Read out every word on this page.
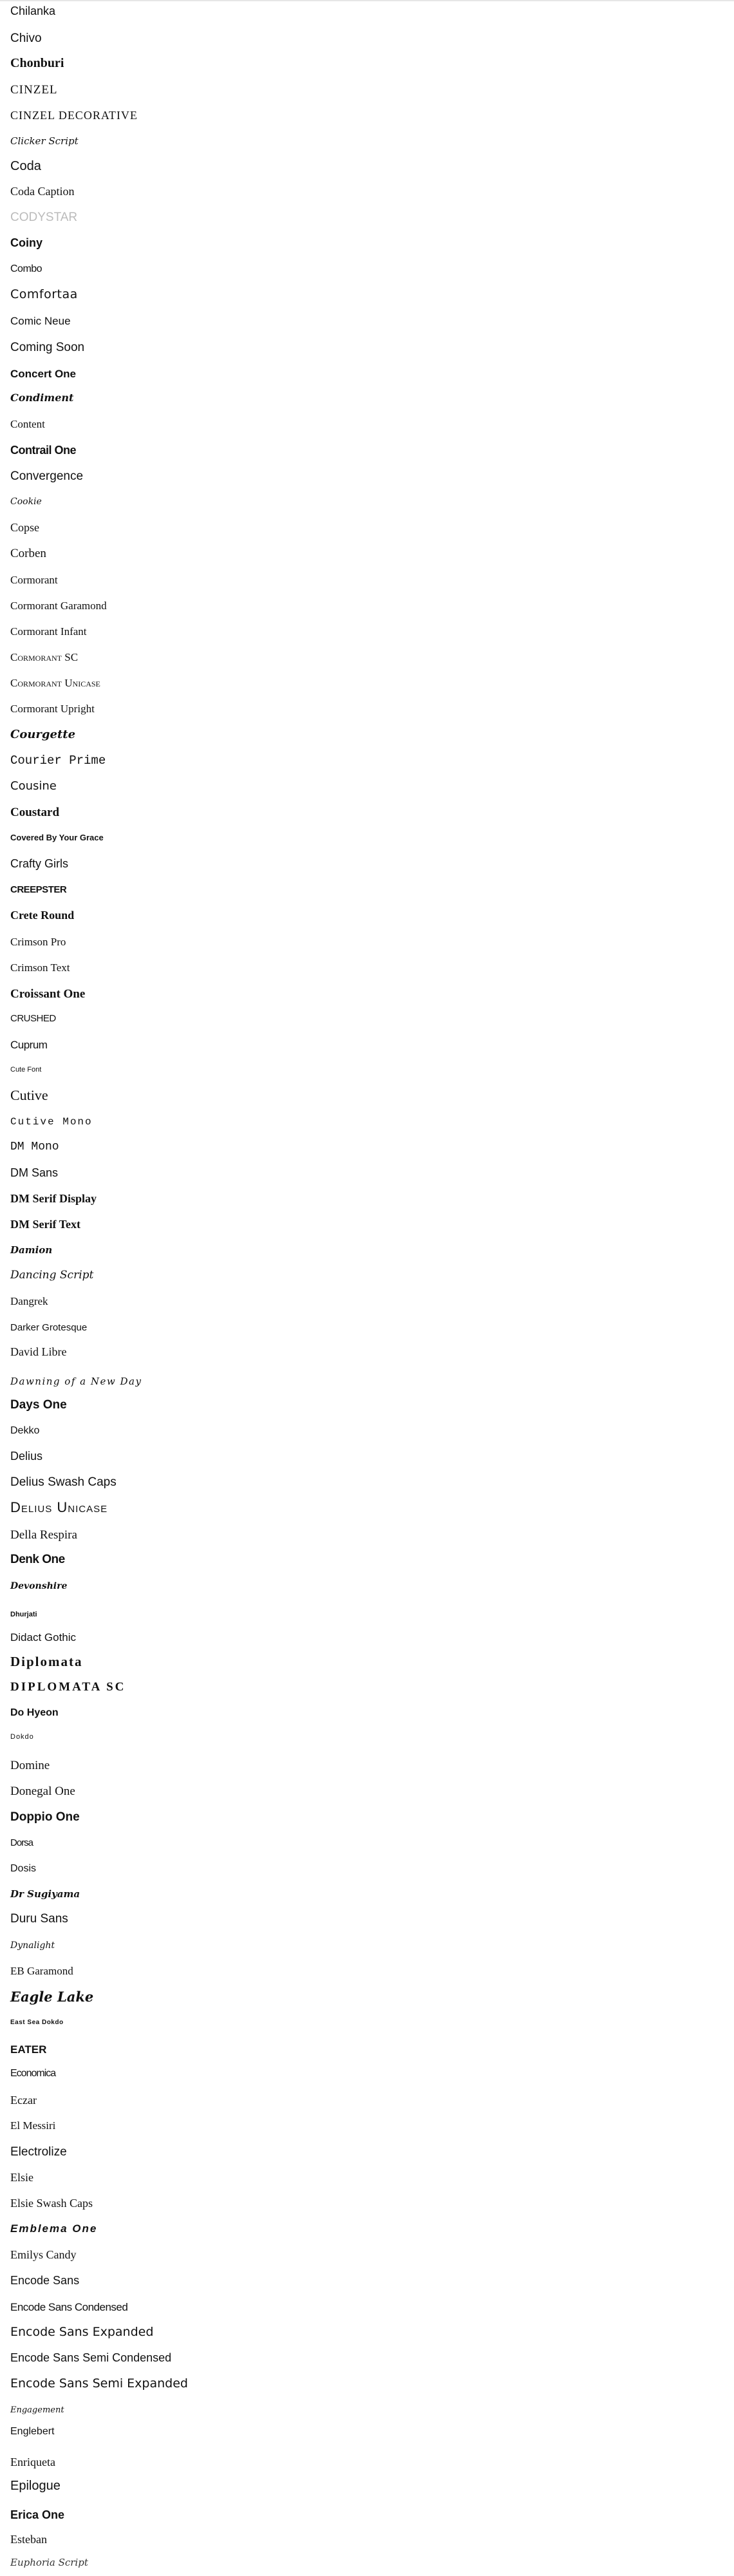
Chilanka
Chivo
Chonburi
CINZEL
CINZEL DECORATIVE
Clicker Script
Coda
Coda Caption
CODYSTAR
Coiny
Combo
Comfortaa
Comic Neue
Coming Soon
Concert One
Condiment
Content
Contrail One
Convergence
Cookie
Copse
Corben
Cormorant
Cormorant Garamond
Cormorant Infant
Cormorant SC
Cormorant Unicase
Cormorant Upright
Courgette
Courier Prime
Cousine
Coustard
Covered By Your Grace
Crafty Girls
CREEPSTER
Crete Round
Crimson Pro
Crimson Text
Croissant One
CRUSHED
Cuprum
Cute Font
Cutive
Cutive Mono
DM Mono
DM Sans
DM Serif Display
DM Serif Text
Damion
Dancing Script
Dangrek
Darker Grotesque
David Libre
Dawning of a New Day
Days One
Dekko
Delius
Delius Swash Caps
Delius Unicase
Della Respira
Denk One
Devonshire
Dhurjati
Didact Gothic
Diplomata
DIPLOMATA SC
Do Hyeon
Dokdo
Domine
Donegal One
Doppio One
Dorsa
Dosis
Dr Sugiyama
Duru Sans
Dynalight
EB Garamond
Eagle Lake
East Sea Dokdo
EATER
Economica
Eczar
El Messiri
Electrolize
Elsie
Elsie Swash Caps
Emblema One
Emilys Candy
Encode Sans
Encode Sans Condensed
Encode Sans Expanded
Encode Sans Semi Condensed
Encode Sans Semi Expanded
Engagement
Englebert
Enriqueta
Epilogue
Erica One
Esteban
Euphoria Script
